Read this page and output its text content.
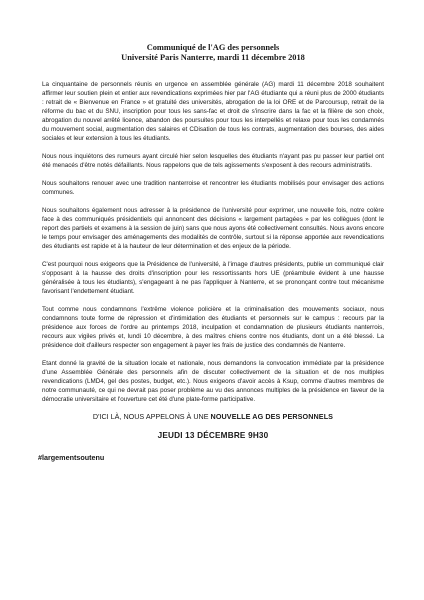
Communiqué de l'AG des personnels
Université Paris Nanterre, mardi 11 décembre 2018

La cinquantaine de personnels réunis en urgence en assemblée générale (AG) mardi 11 décembre 2018 souhaitent affirmer leur soutien plein et entier aux revendications exprimées hier par l'AG étudiante qui a réuni plus de 2000 étudiants : retrait de « Bienvenue en France » et gratuité des universités, abrogation de la loi ORE et de Parcoursup, retrait de la réforme du bac et du SNU, inscription pour tous les sans-fac et droit de s'inscrire dans la fac et la filière de son choix, abrogation du nouvel arrêté licence, abandon des poursuites pour tous les interpellés et relaxe pour tous les condamnés du mouvement social, augmentation des salaires et CDisation de tous les contrats, augmentation des bourses, des aides sociales et leur extension à tous les étudiants.

Nous nous inquiétons des rumeurs ayant circulé hier selon lesquelles des étudiants n'ayant pas pu passer leur partiel ont été menacés d'être notés défaillants. Nous rappelons que de tels agissements s'exposent à des recours administratifs.

Nous souhaitons renouer avec une tradition nanterroise et rencontrer les étudiants mobilisés pour envisager des actions communes.

Nous souhaitons également nous adresser à la présidence de l'université pour exprimer, une nouvelle fois, notre colère face à des communiqués présidentiels qui annoncent des décisions « largement partagées » par les collègues (dont le report des partiels et examens à la session de juin) sans que nous ayons été collectivement consultés. Nous avons encore le temps pour envisager des aménagements des modalités de contrôle, surtout si la réponse apportée aux revendications des étudiants est rapide et à la hauteur de leur détermination et des enjeux de la période.

C'est pourquoi nous exigeons que la Présidence de l'université, à l'image d'autres présidents, publie un communiqué clair s'opposant à la hausse des droits d'inscription pour les ressortissants hors UE (préambule évident à une hausse généralisée à tous les étudiants), s'engageant à ne pas l'appliquer à Nanterre, et se prononçant contre tout mécanisme favorisant l'endettement étudiant.

Tout comme nous condamnons l'extrême violence policière et la criminalisation des mouvements sociaux, nous condamnons toute forme de répression et d'intimidation des étudiants et personnels sur le campus : recours par la présidence aux forces de l'ordre au printemps 2018, inculpation et condamnation de plusieurs étudiants nanterrois, recours aux vigiles privés et, lundi 10 décembre, à des maîtres chiens contre nos étudiants, dont un a été blessé. La présidence doit d'ailleurs respecter son engagement à payer les frais de justice des condamnés de Nanterre.

Etant donné la gravité de la situation locale et nationale, nous demandons la convocation immédiate par la présidence d'une Assemblée Générale des personnels afin de discuter collectivement de la situation et de nos multiples revendications (LMD4, gel des postes, budget, etc.). Nous exigeons d'avoir accès à Ksup, comme d'autres membres de notre communauté, ce qui ne devrait pas poser problème au vu des annonces multiples de la présidence en faveur de la démocratie universitaire et l'ouverture cet été d'une plate-forme participative.

D'ICI LÀ, NOUS APPELONS À UNE NOUVELLE AG DES PERSONNELS
JEUDI 13 DÉCEMBRE 9H30
#largementsoutenu
